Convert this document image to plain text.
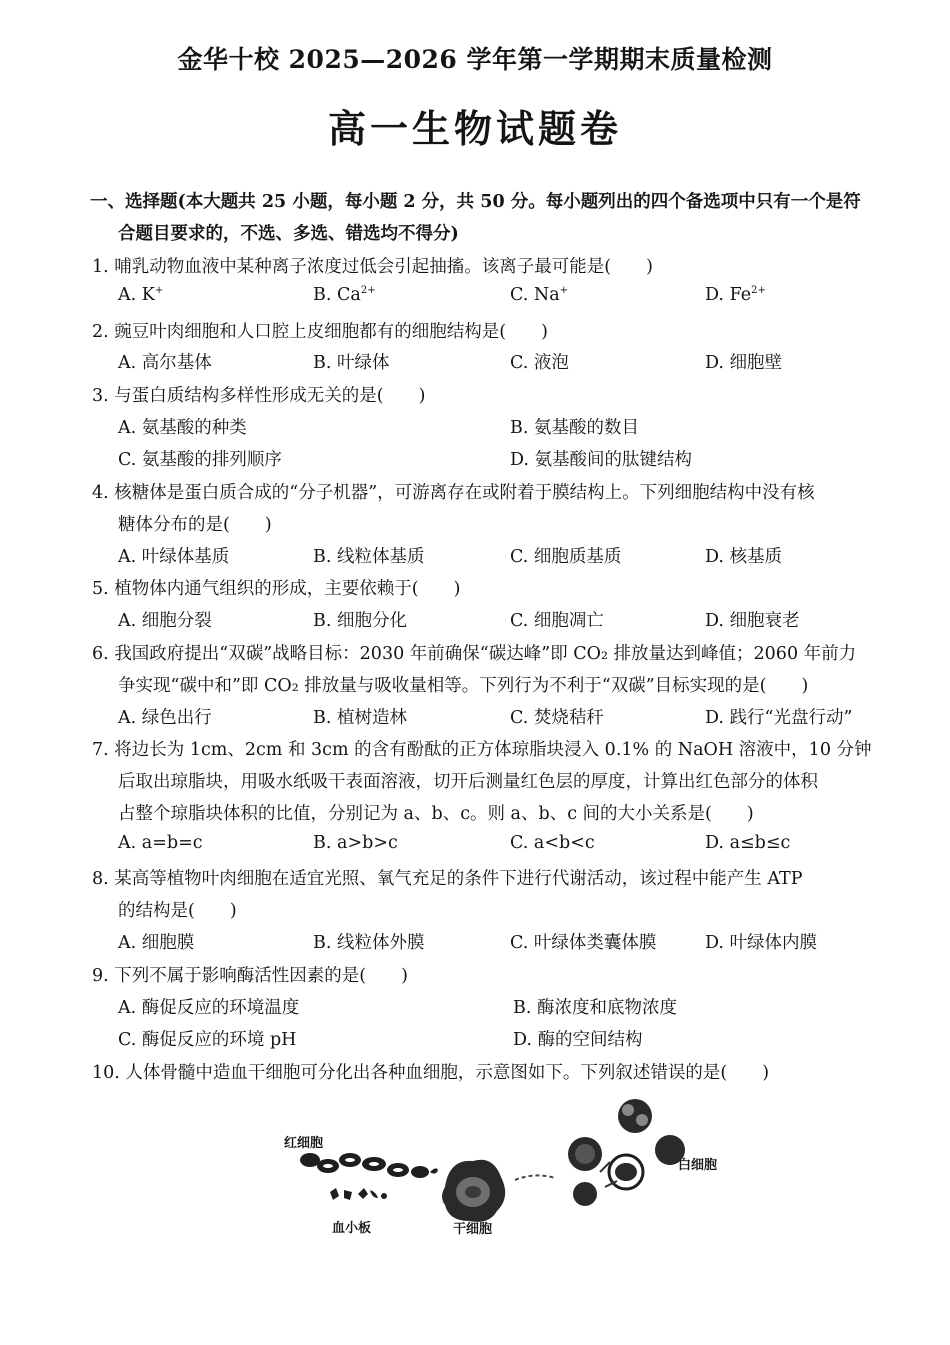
金华十校 2025—2026 学年第一学期期末质量检测
高一生物试题卷
一、选择题(本大题共 25 小题，每小题 2 分，共 50 分。每小题列出的四个备选项中只有一个是符
合题目要求的，不选、多选、错选均不得分)
1. 哺乳动物血液中某种离子浓度过低会引起抽搐。该离子最可能是(　　)
A. K+	B. $Ca^{2+}$	C. Na+	D. $Fe^{2+}$
2. 豌豆叶肉细胞和人口腔上皮细胞都有的细胞结构是(　　)
A. 高尔基体	B. 叶绿体	C. 液泡	D. 细胞壁
3. 与蛋白质结构多样性形成无关的是(　　)
A. 氨基酸的种类	B. 氨基酸的数目
C. 氨基酸的排列顺序	D. 氨基酸间的肽键结构
4. 核糖体是蛋白质合成的“分子机器”，可游离存在或附着于膜结构上。下列细胞结构中没有核
糖体分布的是(　　)
A. 叶绿体基质	B. 线粒体基质	C. 细胞质基质	D. 核基质
5. 植物体内通气组织的形成，主要依赖于(　　)
A. 细胞分裂	B. 细胞分化	C. 细胞凋亡	D. 细胞衰老
6. 我国政府提出“双碳”战略目标：2030 年前确保“碳达峰”即 CO₂ 排放量达到峰值；2060 年前力
争实现“碳中和”即 CO₂ 排放量与吸收量相等。下列行为不利于“双碳”目标实现的是(　　)
A. 绿色出行	B. 植树造林	C. 焚烧秸秆	D. 践行“光盘行动”
7. 将边长为 1cm、2cm 和 3cm 的含有酚酞的正方体琼脂块浸入 0.1% 的 NaOH 溶液中，10 分钟
后取出琼脂块，用吸水纸吸干表面溶液，切开后测量红色层的厚度，计算出红色部分的体积
占整个琼脂块体积的比值，分别记为 a、b、c。则 a、b、c 间的大小关系是(　　)
A. a=b=c	B. a>b>c	C. a<b<c	D. a≤b≤c
8. 某高等植物叶肉细胞在适宜光照、氧气充足的条件下进行代谢活动，该过程中能产生 ATP
的结构是(　　)
A. 细胞膜	B. 线粒体外膜	C. 叶绿体类囊体膜	D. 叶绿体内膜
9. 下列不属于影响酶活性因素的是(　　)
A. 酶促反应的环境温度	B. 酶浓度和底物浓度
C. 酶促反应的环境 pH	D. 酶的空间结构
10. 人体骨髓中造血干细胞可分化出各种血细胞，示意图如下。下列叙述错误的是(　　)
红细胞
血小板	干细胞
白细胞
